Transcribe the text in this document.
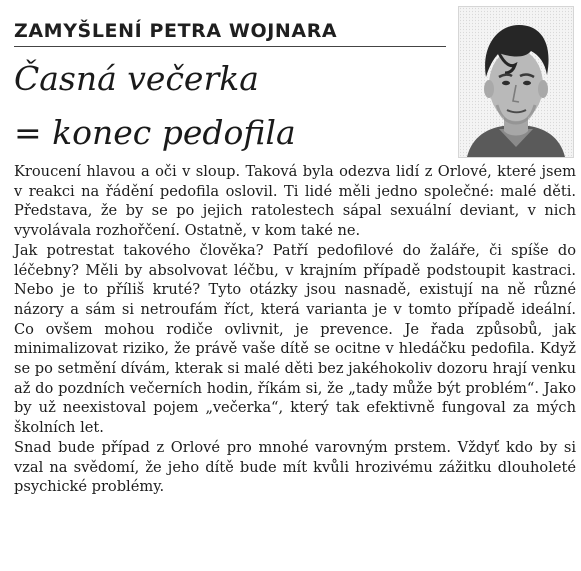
ZAMYŠLENÍ PETRA WOJNARA
Časná večerka
= konec pedofila

Kroucení hlavou a oči v sloup. Taková byla odezva lidí z Orlové, které jsem v reakci na řádění pedofila oslovil. Ti lidé měli jedno společné: malé děti. Představa, že by se po jejich ratolestech sápal sexuální deviant, v nich vyvolávala rozhořčení. Ostatně, v kom také ne.

Jak potrestat takového člověka? Patří pedofilové do žaláře, či spíše do léčebny? Měli by absolvovat léčbu, v krajním případě podstoupit kastraci. Nebo je to příliš kruté? Tyto otázky jsou nasnadě, existují na ně různé názory a sám si netroufám říct, která varianta je v tomto případě ideální. Co ovšem mohou rodiče ovlivnit, je prevence. Je řada způsobů, jak minimalizovat riziko, že právě vaše dítě se ocitne v hledáčku pedofila. Když se po setmění dívám, kterak si malé děti bez jakéhokoliv dozoru hrají venku až do pozdních večerních hodin, říkám si, že „tady může být problém“. Jako by už neexistoval pojem „večerka“, který tak efektivně fungoval za mých školních let.

Snad bude případ z Orlové pro mnohé varovným prstem. Vždyť kdo by si vzal na svědomí, že jeho dítě bude mít kvůli hrozivému zážitku dlouholeté psychické problémy.
